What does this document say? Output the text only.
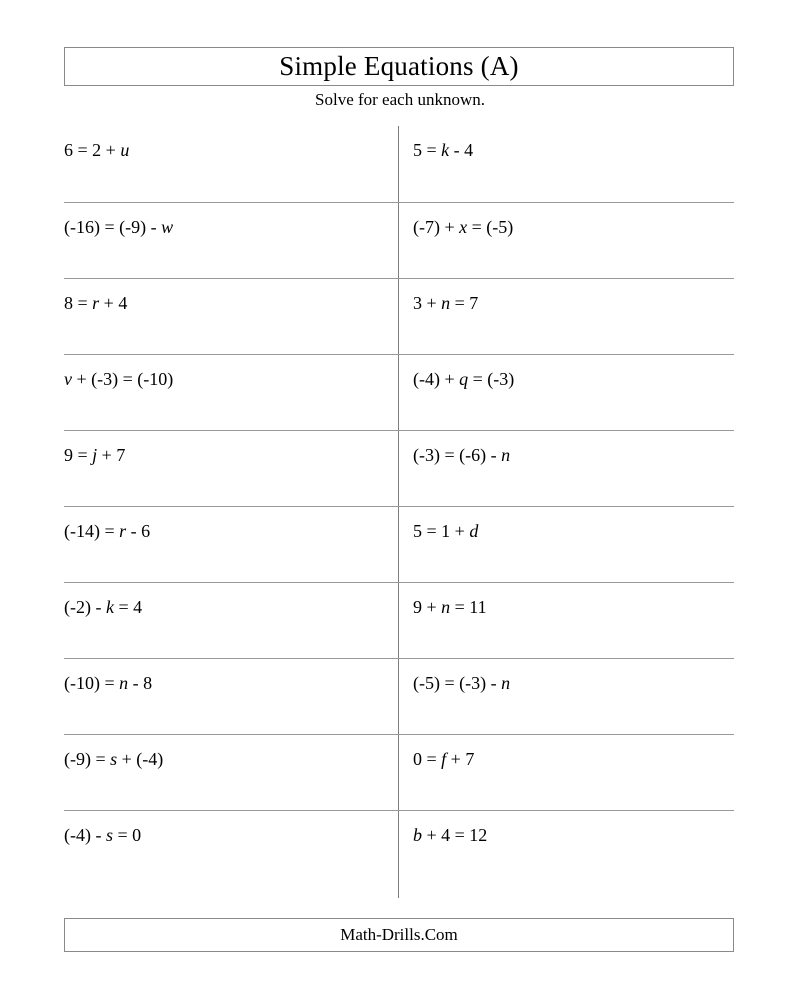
Simple Equations (A)
Solve for each unknown.
6 = 2 + u	5 = k - 4
(-16) = (-9) - w	(-7) + x = (-5)
8 = r + 4	3 + n = 7
v + (-3) = (-10)	(-4) + q = (-3)
9 = j + 7	(-3) = (-6) - n
(-14) = r - 6	5 = 1 + d
(-2) - k = 4	9 + n = 11
(-10) = n - 8	(-5) = (-3) - n
(-9) = s + (-4)	0 = f + 7
(-4) - s = 0	b + 4 = 12
Math-Drills.Com
